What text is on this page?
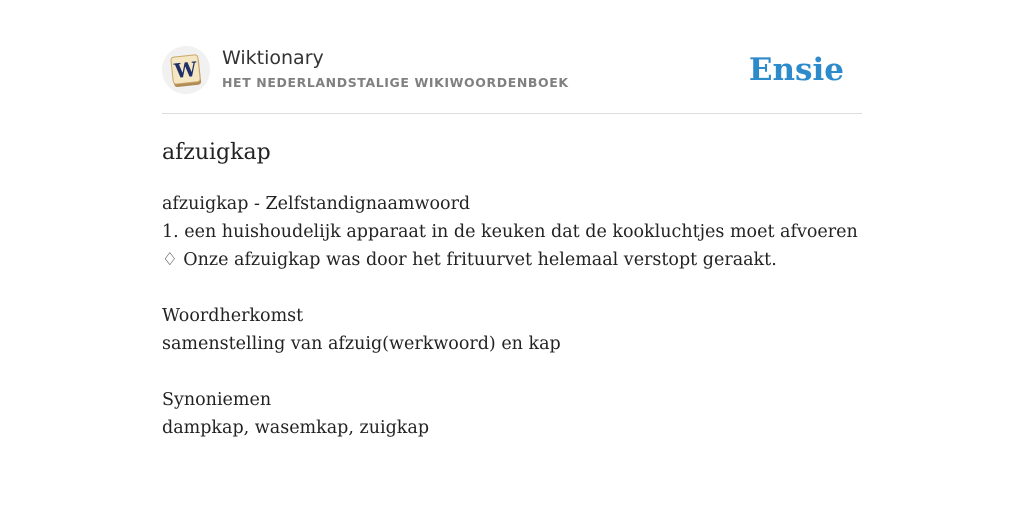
W Wiktionary
HET NEDERLANDSTALIGE WIKIWOORDENBOEK	Ensie
afzuigkap
afzuigkap - Zelfstandignaamwoord
1. een huishoudelijk apparaat in de keuken dat de kookluchtjes moet afvoeren
♢ Onze afzuigkap was door het frituurvet helemaal verstopt geraakt.
Woordherkomst
samenstelling van afzuig(werkwoord) en kap
Synoniemen
dampkap, wasemkap, zuigkap
